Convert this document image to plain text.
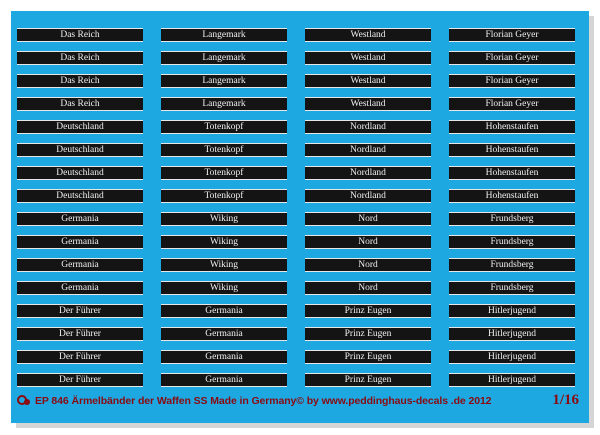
Das Reich
Das Reich
Das Reich
Das Reich
Deutschland
Deutschland
Deutschland
Deutschland
Germania
Germania
Germania
Germania
Der Führer
Der Führer
Der Führer
Der Führer
Langemark
Langemark
Langemark
Langemark
Totenkopf
Totenkopf
Totenkopf
Totenkopf
Wiking
Wiking
Wiking
Wiking
Germania
Germania
Germania
Germania
Westland
Westland
Westland
Westland
Nordland
Nordland
Nordland
Nordland
Nord
Nord
Nord
Nord
Prinz Eugen
Prinz Eugen
Prinz Eugen
Prinz Eugen
Florian Geyer
Florian Geyer
Florian Geyer
Florian Geyer
Hohenstaufen
Hohenstaufen
Hohenstaufen
Hohenstaufen
Frundsberg
Frundsberg
Frundsberg
Frundsberg
Hitlerjugend
Hitlerjugend
Hitlerjugend
Hitlerjugend
EP 846 Ärmelbänder der Waffen SS Made in Germany© by www.peddinghaus-decals .de 2012	1/16
